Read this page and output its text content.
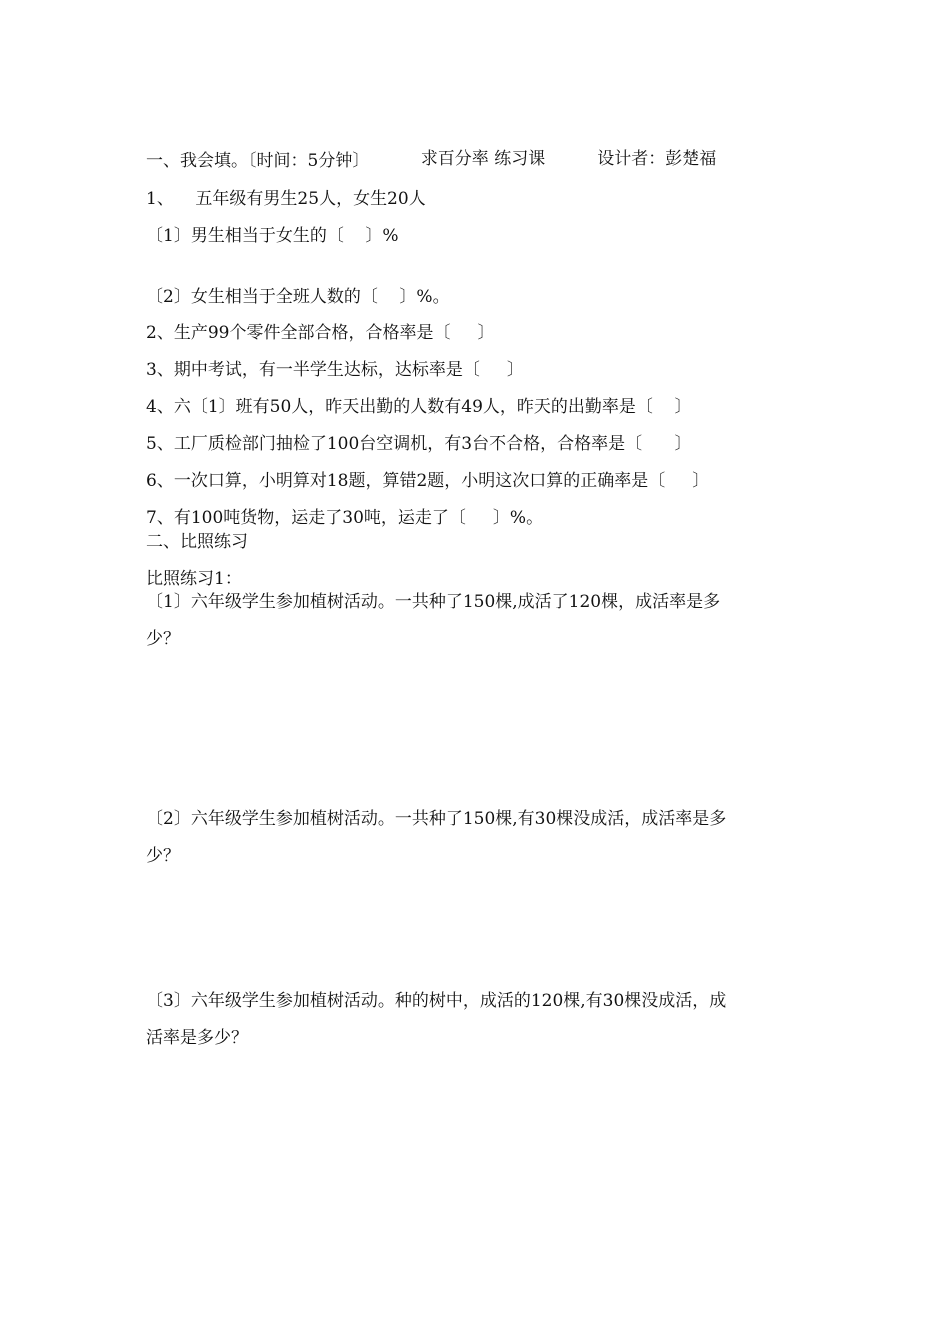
求百分率 练习课	设计者：彭楚福

一、我会填。〔时间：5分钟〕

1、    五年级有男生25人，女生20人

〔1〕男生相当于女生的〔    〕%

〔2〕女生相当于全班人数的〔    〕%。

2、生产99个零件全部合格，合格率是〔     〕

3、期中考试，有一半学生达标，达标率是〔     〕

4、六〔1〕班有50人，昨天出勤的人数有49人，昨天的出勤率是〔    〕

5、工厂质检部门抽检了100台空调机，有3台不合格，合格率是〔      〕

6、一次口算，小明算对18题，算错2题，小明这次口算的正确率是〔     〕

7、有100吨货物，运走了30吨，运走了〔     〕%。

二、比照练习

比照练习1：

〔1〕六年级学生参加植树活动。一共种了150棵,成活了120棵，成活率是多

少？

〔2〕六年级学生参加植树活动。一共种了150棵,有30棵没成活，成活率是多

少？

〔3〕六年级学生参加植树活动。种的树中，成活的120棵,有30棵没成活，成

活率是多少？
